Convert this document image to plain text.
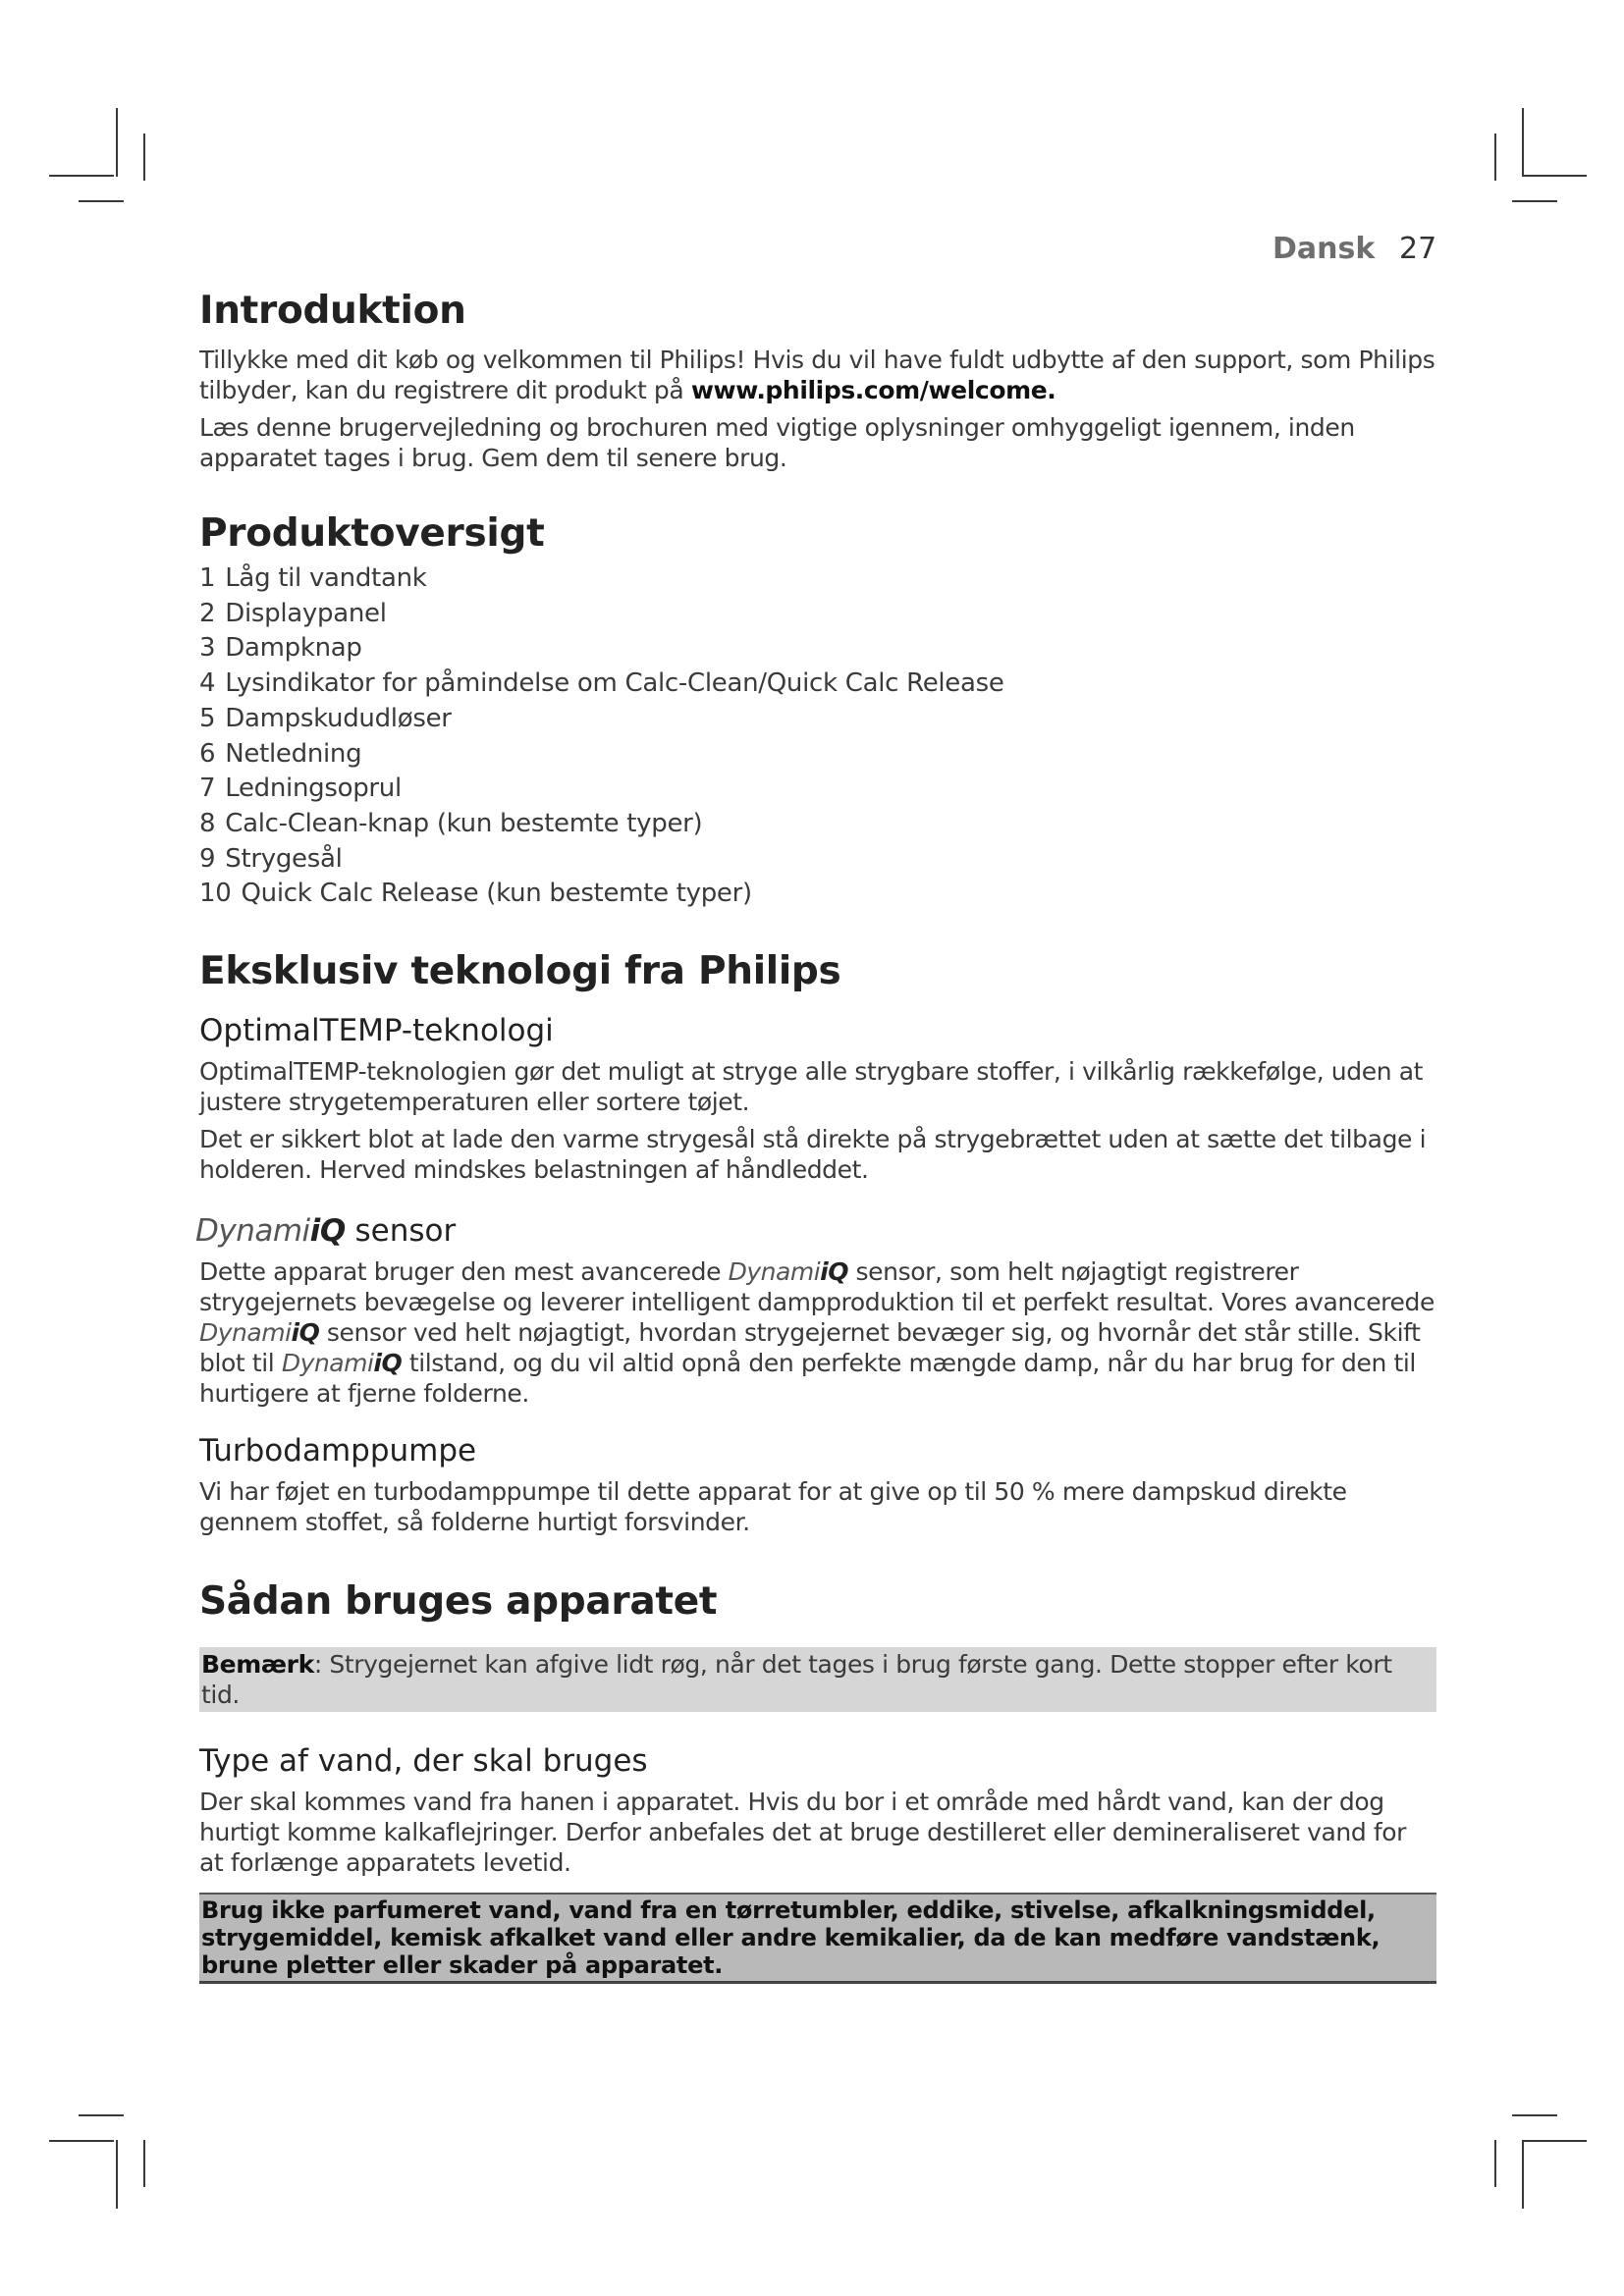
Dansk 27
Introduktion

Tillykke med dit køb og velkommen til Philips! Hvis du vil have fuldt udbytte af den support, som Philips tilbyder, kan du registrere dit produkt på www.philips.com/welcome.

Læs denne brugervejledning og brochuren med vigtige oplysninger omhyggeligt igennem, inden apparatet tages i brug. Gem dem til senere brug.

Produktoversigt
1 Låg til vandtank
2 Displaypanel
3 Dampknap
4 Lysindikator for påmindelse om Calc-Clean/Quick Calc Release
5 Dampskududløser
6 Netledning
7 Ledningsoprul
8 Calc-Clean-knap (kun bestemte typer)
9 Strygesål
10 Quick Calc Release (kun bestemte typer)
Eksklusiv teknologi fra Philips
OptimalTEMP-teknologi

OptimalTEMP-teknologien gør det muligt at stryge alle strygbare stoffer, i vilkårlig rækkefølge, uden at justere strygetemperaturen eller sortere tøjet.

Det er sikkert blot at lade den varme strygesål stå direkte på strygebrættet uden at sætte det tilbage i holderen. Herved mindskes belastningen af håndleddet.

DynamiiQ sensor

Dette apparat bruger den mest avancerede DynamiiQ sensor, som helt nøjagtigt registrerer strygejernets bevægelse og leverer intelligent dampproduktion til et perfekt resultat. Vores avancerede DynamiiQ sensor ved helt nøjagtigt, hvordan strygejernet bevæger sig, og hvornår det står stille. Skift blot til DynamiiQ tilstand, og du vil altid opnå den perfekte mængde damp, når du har brug for den til hurtigere at fjerne folderne.

Turbodamppumpe

Vi har føjet en turbodamppumpe til dette apparat for at give op til 50 % mere dampskud direkte gennem stoffet, så folderne hurtigt forsvinder.

Sådan bruges apparatet

Bemærk: Strygejernet kan afgive lidt røg, når det tages i brug første gang. Dette stopper efter kort tid.

Type af vand, der skal bruges

Der skal kommes vand fra hanen i apparatet. Hvis du bor i et område med hårdt vand, kan der dog hurtigt komme kalkaflejringer. Derfor anbefales det at bruge destilleret eller demineraliseret vand for at forlænge apparatets levetid.

Brug ikke parfumeret vand, vand fra en tørretumbler, eddike, stivelse, afkalkningsmiddel, strygemiddel, kemisk afkalket vand eller andre kemikalier, da de kan medføre vandstænk, brune pletter eller skader på apparatet.
